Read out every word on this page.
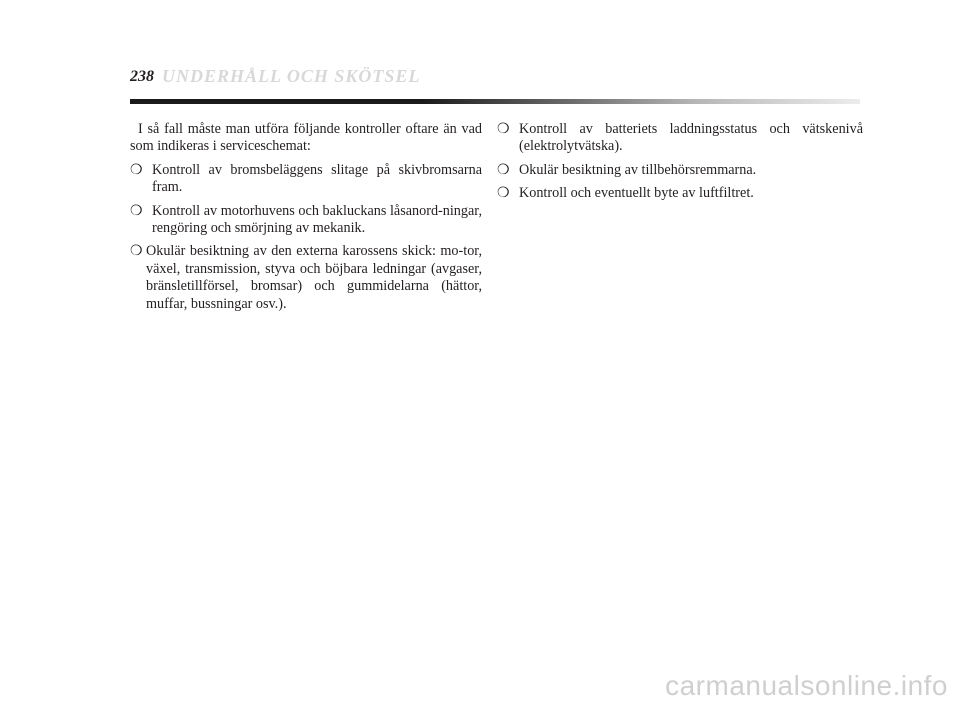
238 UNDERHÅLL OCH SKÖTSEL

I så fall måste man utföra följande kontroller oftare än vad som indikeras i serviceschemat:

❍ Kontroll av bromsbeläggens slitage på skivbromsarna fram.
❍ Kontroll av motorhuvens och bakluckans låsanord-ningar, rengöring och smörjning av mekanik.
❍ Okulär besiktning av den externa karossens skick: mo-tor, växel, transmission, styva och böjbara ledningar (avgaser, bränsletillförsel, bromsar) och gummidelarna (hättor, muffar, bussningar osv.).
❍ Kontroll av batteriets laddningsstatus och vätskenivå (elektrolytvätska).
❍ Okulär besiktning av tillbehörsremmarna.
❍ Kontroll och eventuellt byte av luftfiltret.
carmanualsonline.info
